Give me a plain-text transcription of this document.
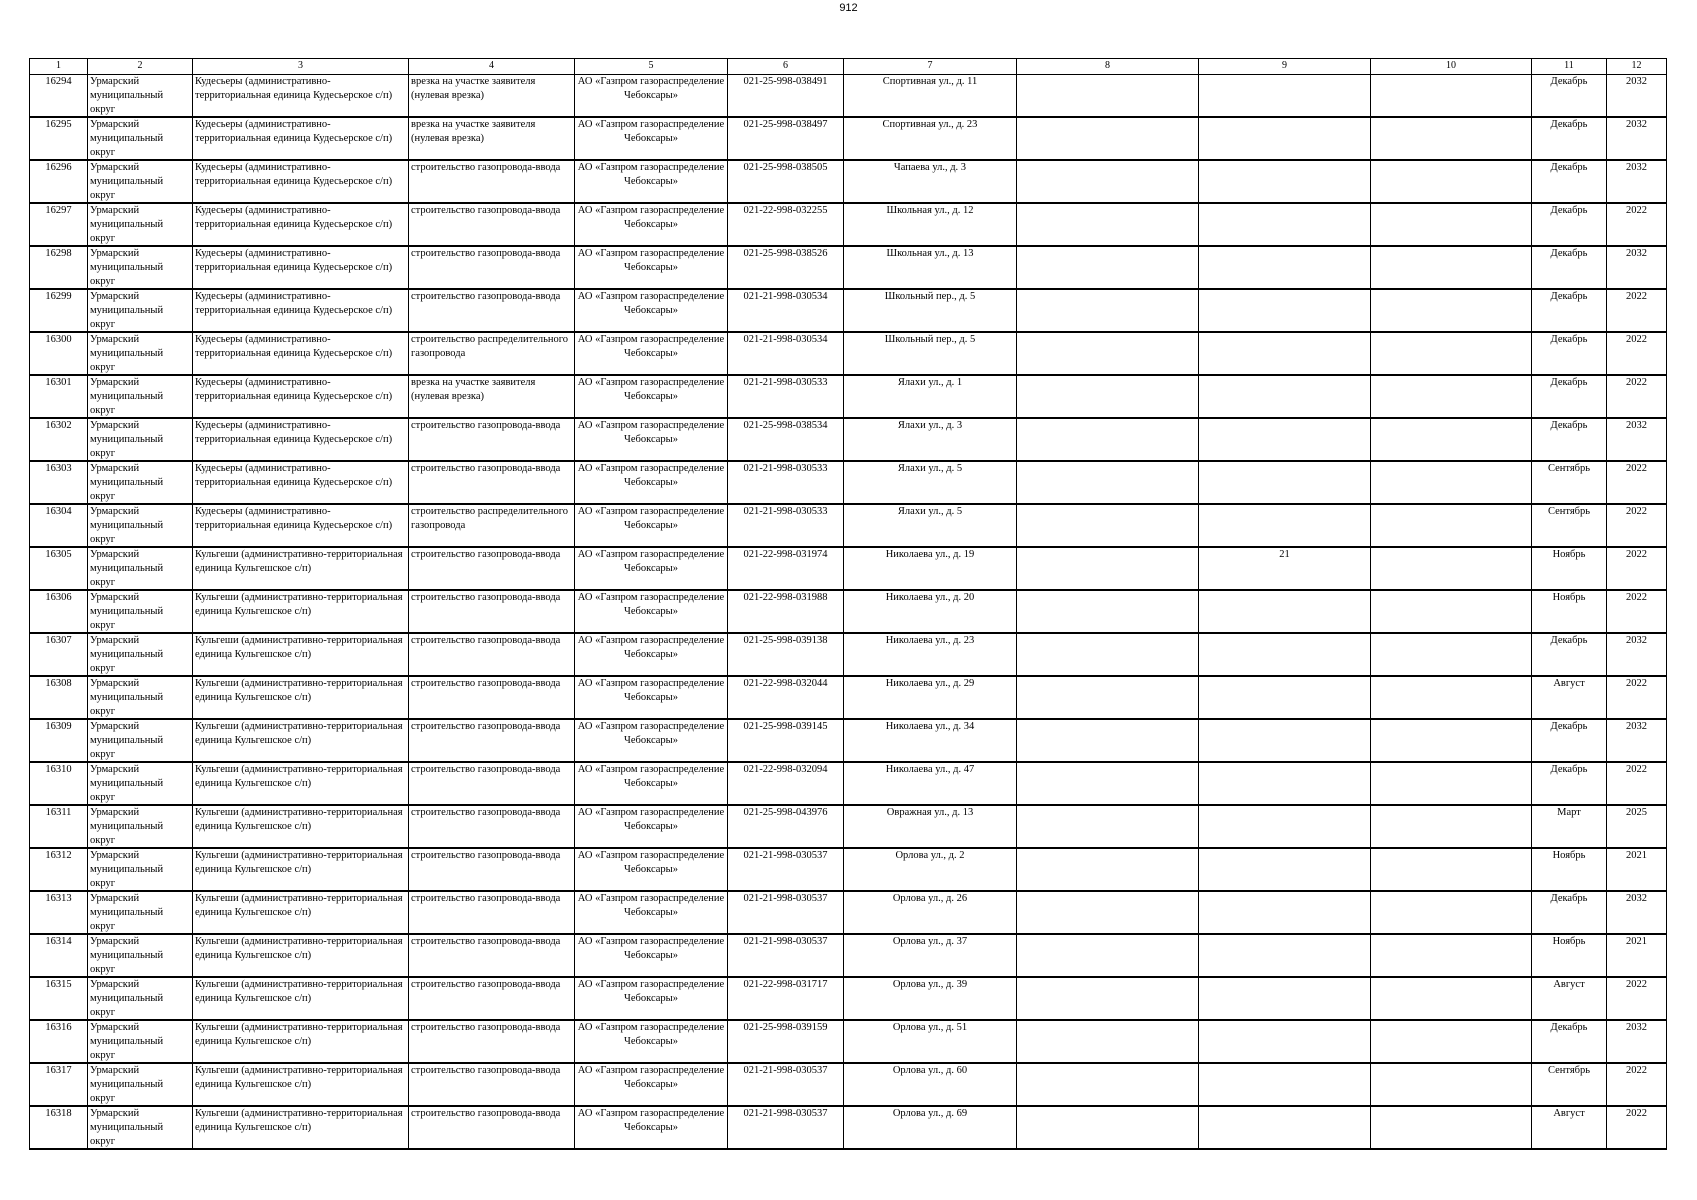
912
1	2	3	4	5	6	7	8	9	10	11	12

16294	Урмарский муниципальный округ	Кудесьеры (административно-территориальная единица Кудесьерское с/п)	врезка на участке заявителя (нулевая врезка)	АО «Газпром газораспределение Чебоксары»	021-25-998-038491	Спортивная ул., д. 11				Декабрь	2032

16295	Урмарский муниципальный округ	Кудесьеры (административно-территориальная единица Кудесьерское с/п)	врезка на участке заявителя (нулевая врезка)	АО «Газпром газораспределение Чебоксары»	021-25-998-038497	Спортивная ул., д. 23				Декабрь	2032

16296	Урмарский муниципальный округ	Кудесьеры (административно-территориальная единица Кудесьерское с/п)	строительство газопровода-ввода	АО «Газпром газораспределение Чебоксары»	021-25-998-038505	Чапаева ул., д. 3				Декабрь	2032

16297	Урмарский муниципальный округ	Кудесьеры (административно-территориальная единица Кудесьерское с/п)	строительство газопровода-ввода	АО «Газпром газораспределение Чебоксары»	021-22-998-032255	Школьная ул., д. 12				Декабрь	2022

16298	Урмарский муниципальный округ	Кудесьеры (административно-территориальная единица Кудесьерское с/п)	строительство газопровода-ввода	АО «Газпром газораспределение Чебоксары»	021-25-998-038526	Школьная ул., д. 13				Декабрь	2032

16299	Урмарский муниципальный округ	Кудесьеры (административно-территориальная единица Кудесьерское с/п)	строительство газопровода-ввода	АО «Газпром газораспределение Чебоксары»	021-21-998-030534	Школьный пер., д. 5				Декабрь	2022

16300	Урмарский муниципальный округ	Кудесьеры (административно-территориальная единица Кудесьерское с/п)	строительство распределительного газопровода	АО «Газпром газораспределение Чебоксары»	021-21-998-030534	Школьный пер., д. 5				Декабрь	2022

16301	Урмарский муниципальный округ	Кудесьеры (административно-территориальная единица Кудесьерское с/п)	врезка на участке заявителя (нулевая врезка)	АО «Газпром газораспределение Чебоксары»	021-21-998-030533	Ялахи ул., д. 1				Декабрь	2022

16302	Урмарский муниципальный округ	Кудесьеры (административно-территориальная единица Кудесьерское с/п)	строительство газопровода-ввода	АО «Газпром газораспределение Чебоксары»	021-25-998-038534	Ялахи ул., д. 3				Декабрь	2032

16303	Урмарский муниципальный округ	Кудесьеры (административно-территориальная единица Кудесьерское с/п)	строительство газопровода-ввода	АО «Газпром газораспределение Чебоксары»	021-21-998-030533	Ялахи ул., д. 5				Сентябрь	2022

16304	Урмарский муниципальный округ	Кудесьеры (административно-территориальная единица Кудесьерское с/п)	строительство распределительного газопровода	АО «Газпром газораспределение Чебоксары»	021-21-998-030533	Ялахи ул., д. 5				Сентябрь	2022

16305	Урмарский муниципальный округ	Кульгеши (административно-территориальная единица Кульгешское с/п)	строительство газопровода-ввода	АО «Газпром газораспределение Чебоксары»	021-22-998-031974	Николаева ул., д. 19		21		Ноябрь	2022

16306	Урмарский муниципальный округ	Кульгеши (административно-территориальная единица Кульгешское с/п)	строительство газопровода-ввода	АО «Газпром газораспределение Чебоксары»	021-22-998-031988	Николаева ул., д. 20				Ноябрь	2022

16307	Урмарский муниципальный округ	Кульгеши (административно-территориальная единица Кульгешское с/п)	строительство газопровода-ввода	АО «Газпром газораспределение Чебоксары»	021-25-998-039138	Николаева ул., д. 23				Декабрь	2032

16308	Урмарский муниципальный округ	Кульгеши (административно-территориальная единица Кульгешское с/п)	строительство газопровода-ввода	АО «Газпром газораспределение Чебоксары»	021-22-998-032044	Николаева ул., д. 29				Август	2022

16309	Урмарский муниципальный округ	Кульгеши (административно-территориальная единица Кульгешское с/п)	строительство газопровода-ввода	АО «Газпром газораспределение Чебоксары»	021-25-998-039145	Николаева ул., д. 34				Декабрь	2032

16310	Урмарский муниципальный округ	Кульгеши (административно-территориальная единица Кульгешское с/п)	строительство газопровода-ввода	АО «Газпром газораспределение Чебоксары»	021-22-998-032094	Николаева ул., д. 47				Декабрь	2022

16311	Урмарский муниципальный округ	Кульгеши (административно-территориальная единица Кульгешское с/п)	строительство газопровода-ввода	АО «Газпром газораспределение Чебоксары»	021-25-998-043976	Овражная ул., д. 13				Март	2025

16312	Урмарский муниципальный округ	Кульгеши (административно-территориальная единица Кульгешское с/п)	строительство газопровода-ввода	АО «Газпром газораспределение Чебоксары»	021-21-998-030537	Орлова ул., д. 2				Ноябрь	2021

16313	Урмарский муниципальный округ	Кульгеши (административно-территориальная единица Кульгешское с/п)	строительство газопровода-ввода	АО «Газпром газораспределение Чебоксары»	021-21-998-030537	Орлова ул., д. 26				Декабрь	2032

16314	Урмарский муниципальный округ	Кульгеши (административно-территориальная единица Кульгешское с/п)	строительство газопровода-ввода	АО «Газпром газораспределение Чебоксары»	021-21-998-030537	Орлова ул., д. 37				Ноябрь	2021

16315	Урмарский муниципальный округ	Кульгеши (административно-территориальная единица Кульгешское с/п)	строительство газопровода-ввода	АО «Газпром газораспределение Чебоксары»	021-22-998-031717	Орлова ул., д. 39				Август	2022

16316	Урмарский муниципальный округ	Кульгеши (административно-территориальная единица Кульгешское с/п)	строительство газопровода-ввода	АО «Газпром газораспределение Чебоксары»	021-25-998-039159	Орлова ул., д. 51				Декабрь	2032

16317	Урмарский муниципальный округ	Кульгеши (административно-территориальная единица Кульгешское с/п)	строительство газопровода-ввода	АО «Газпром газораспределение Чебоксары»	021-21-998-030537	Орлова ул., д. 60				Сентябрь	2022

16318	Урмарский муниципальный округ	Кульгеши (административно-территориальная единица Кульгешское с/п)	строительство газопровода-ввода	АО «Газпром газораспределение Чебоксары»	021-21-998-030537	Орлова ул., д. 69				Август	2022
